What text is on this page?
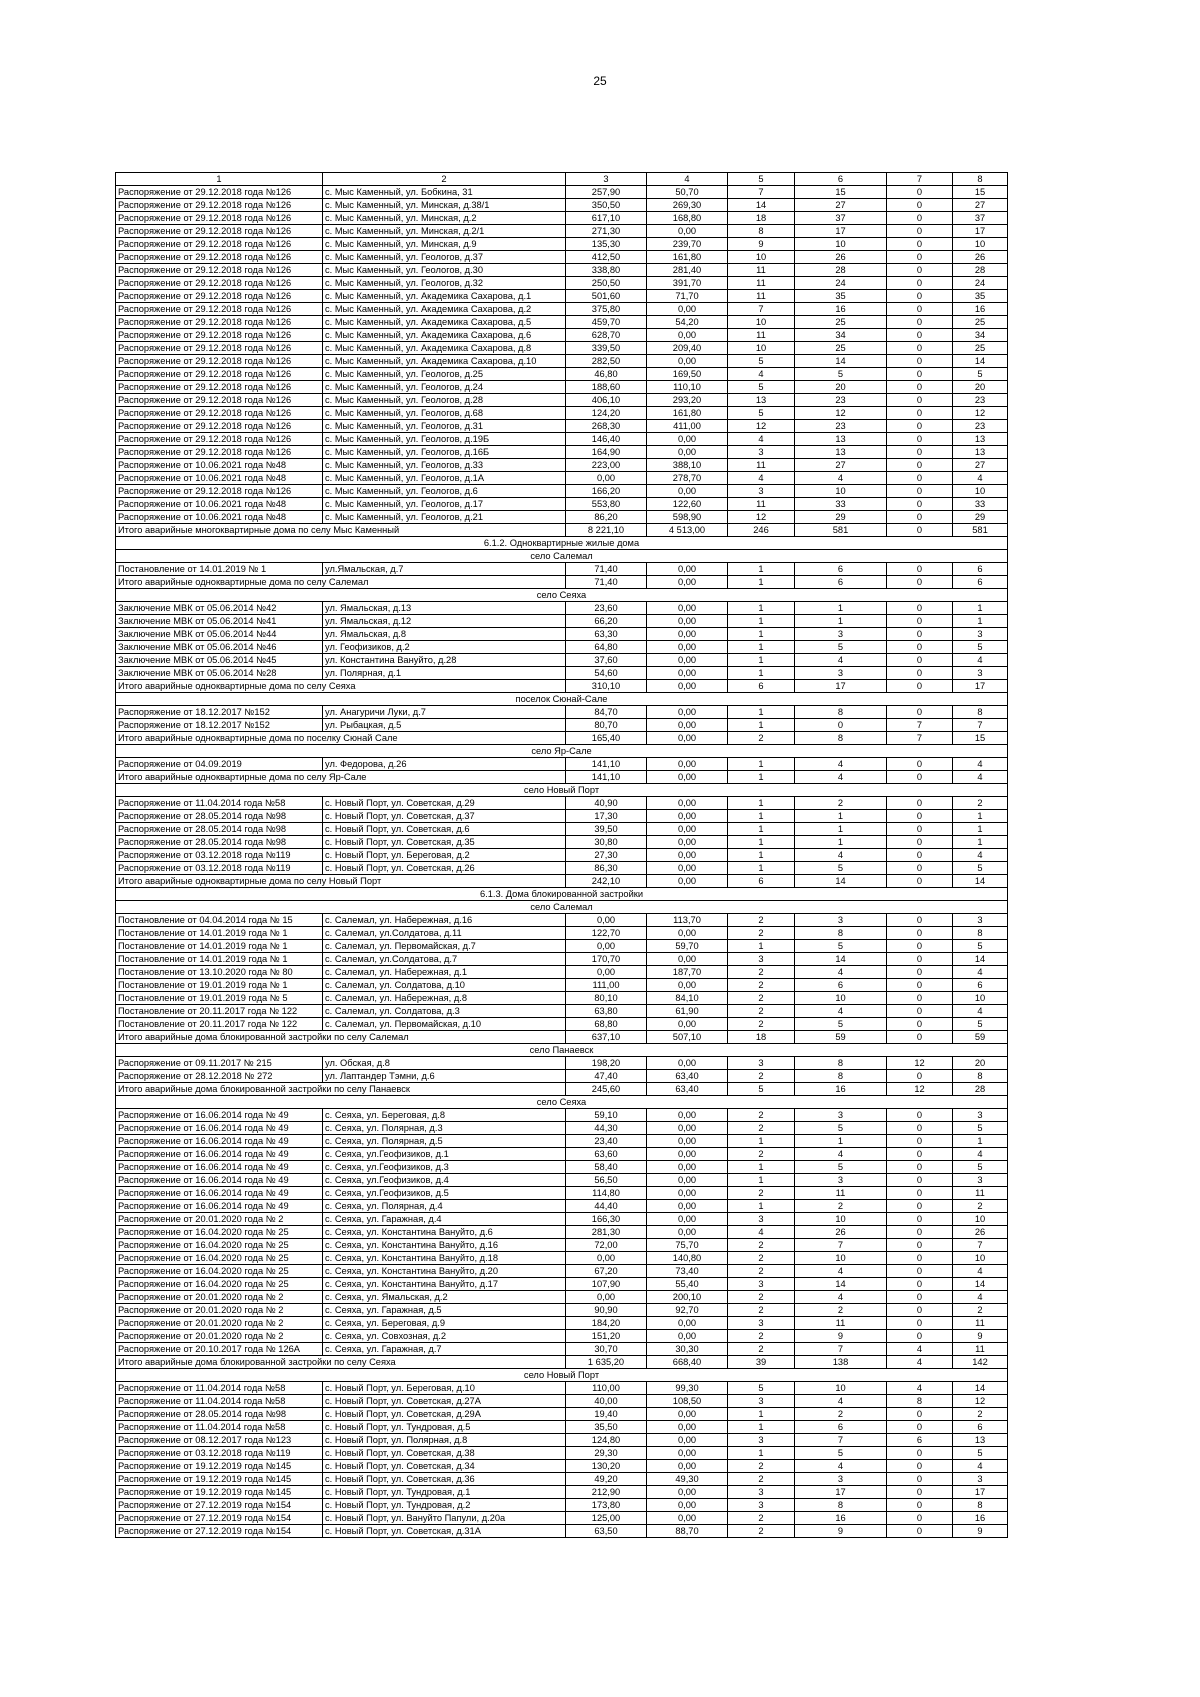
25
1	2	3	4	5	6	7	8
Распоряжение от 29.12.2018 года №126	с. Мыс Каменный, ул. Бобкина, 31	257,90	50,70	7	15	0	15
Распоряжение от 29.12.2018 года №126	с. Мыс Каменный, ул. Минская, д.38/1	350,50	269,30	14	27	0	27
Распоряжение от 29.12.2018 года №126	с. Мыс Каменный, ул. Минская, д.2	617,10	168,80	18	37	0	37
Распоряжение от 29.12.2018 года №126	с. Мыс Каменный, ул. Минская, д.2/1	271,30	0,00	8	17	0	17
Распоряжение от 29.12.2018 года №126	с. Мыс Каменный, ул. Минская, д.9	135,30	239,70	9	10	0	10
Распоряжение от 29.12.2018 года №126	с. Мыс Каменный, ул. Геологов, д.37	412,50	161,80	10	26	0	26
Распоряжение от 29.12.2018 года №126	с. Мыс Каменный, ул. Геологов, д.30	338,80	281,40	11	28	0	28
Распоряжение от 29.12.2018 года №126	с. Мыс Каменный, ул. Геологов, д.32	250,50	391,70	11	24	0	24
Распоряжение от 29.12.2018 года №126	с. Мыс Каменный, ул. Академика Сахарова, д.1	501,60	71,70	11	35	0	35
Распоряжение от 29.12.2018 года №126	с. Мыс Каменный, ул. Академика Сахарова, д.2	375,80	0,00	7	16	0	16
Распоряжение от 29.12.2018 года №126	с. Мыс Каменный, ул. Академика Сахарова, д.5	459,70	54,20	10	25	0	25
Распоряжение от 29.12.2018 года №126	с. Мыс Каменный, ул. Академика Сахарова, д.6	628,70	0,00	11	34	0	34
Распоряжение от 29.12.2018 года №126	с. Мыс Каменный, ул. Академика Сахарова, д.8	339,50	209,40	10	25	0	25
Распоряжение от 29.12.2018 года №126	с. Мыс Каменный, ул. Академика Сахарова, д.10	282,50	0,00	5	14	0	14
Распоряжение от 29.12.2018 года №126	с. Мыс Каменный, ул. Геологов, д.25	46,80	169,50	4	5	0	5
Распоряжение от 29.12.2018 года №126	с. Мыс Каменный, ул. Геологов, д.24	188,60	110,10	5	20	0	20
Распоряжение от 29.12.2018 года №126	с. Мыс Каменный, ул. Геологов, д.28	406,10	293,20	13	23	0	23
Распоряжение от 29.12.2018 года №126	с. Мыс Каменный, ул. Геологов, д.68	124,20	161,80	5	12	0	12
Распоряжение от 29.12.2018 года №126	с. Мыс Каменный, ул. Геологов, д.31	268,30	411,00	12	23	0	23
Распоряжение от 29.12.2018 года №126	с. Мыс Каменный, ул. Геологов, д.19Б	146,40	0,00	4	13	0	13
Распоряжение от 29.12.2018 года №126	с. Мыс Каменный, ул. Геологов, д.16Б	164,90	0,00	3	13	0	13
Распоряжение от 10.06.2021 года №48	с. Мыс Каменный, ул. Геологов, д.33	223,00	388,10	11	27	0	27
Распоряжение от 10.06.2021 года №48	с. Мыс Каменный, ул. Геологов, д.1А	0,00	278,70	4	4	0	4
Распоряжение от 29.12.2018 года №126	с. Мыс Каменный, ул. Геологов, д.6	166,20	0,00	3	10	0	10
Распоряжение от 10.06.2021 года №48	с. Мыс Каменный, ул. Геологов, д.17	553,80	122,60	11	33	0	33
Распоряжение от 10.06.2021 года №48	с. Мыс Каменный, ул. Геологов, д.21	86,20	598,90	12	29	0	29
Итого аварийные многоквартирные дома по селу Мыс Каменный		8 221,10	4 513,00	246	581	0	581
6.1.2. Одноквартирные жилые дома							
село Салемал							
Постановление от 14.01.2019 № 1	ул.Ямальская, д.7	71,40	0,00	1	6	0	6
Итого аварийные одноквартирные дома по селу Салемал		71,40	0,00	1	6	0	6
село Сеяха							
Заключение МВК от 05.06.2014 №42	ул. Ямальская, д.13	23,60	0,00	1	1	0	1
Заключение МВК от 05.06.2014 №41	ул. Ямальская, д.12	66,20	0,00	1	1	0	1
Заключение МВК от 05.06.2014 №44	ул. Ямальская, д.8	63,30	0,00	1	3	0	3
Заключение МВК от 05.06.2014 №46	ул. Геофизиков, д.2	64,80	0,00	1	5	0	5
Заключение МВК от 05.06.2014 №45	ул. Константина Вануйто, д.28	37,60	0,00	1	4	0	4
Заключение МВК от 05.06.2014 №28	ул. Полярная, д.1	54,60	0,00	1	3	0	3
Итого аварийные одноквартирные дома по селу Сеяха		310,10	0,00	6	17	0	17
поселок Сюнай-Сале							
Распоряжение от 18.12.2017 №152	ул. Анагуричи Луки, д.7	84,70	0,00	1	8	0	8
Распоряжение от 18.12.2017 №152	ул. Рыбацкая, д.5	80,70	0,00	1	0	7	7
Итого аварийные одноквартирные дома по поселку Сюнай Сале		165,40	0,00	2	8	7	15
село Яр-Сале							
Распоряжение от 04.09.2019	ул. Федорова, д.26	141,10	0,00	1	4	0	4
Итого аварийные одноквартирные дома по селу Яр-Сале		141,10	0,00	1	4	0	4
село Новый Порт							
Распоряжение от 11.04.2014 года №58	с. Новый Порт, ул. Советская, д.29	40,90	0,00	1	2	0	2
Распоряжение от 28.05.2014 года №98	с. Новый Порт, ул. Советская, д.37	17,30	0,00	1	1	0	1
Распоряжение от 28.05.2014 года №98	с. Новый Порт, ул. Советская, д.6	39,50	0,00	1	1	0	1
Распоряжение от 28.05.2014 года №98	с. Новый Порт, ул. Советская, д.35	30,80	0,00	1	1	0	1
Распоряжение от 03.12.2018 года №119	с. Новый Порт, ул. Береговая, д.2	27,30	0,00	1	4	0	4
Распоряжение от 03.12.2018 года №119	с. Новый Порт, ул. Советская, д.26	86,30	0,00	1	5	0	5
Итого аварийные одноквартирные дома по селу Новый Порт		242,10	0,00	6	14	0	14
6.1.3. Дома блокированной застройки							
село Салемал							
Постановление от 04.04.2014 года № 15	с. Салемал, ул. Набережная, д.16	0,00	113,70	2	3	0	3
Постановление от 14.01.2019 года № 1	с. Салемал, ул.Солдатова, д.11	122,70	0,00	2	8	0	8
Постановление от 14.01.2019 года № 1	с. Салемал, ул. Первомайская, д.7	0,00	59,70	1	5	0	5
Постановление от 14.01.2019 года № 1	с. Салемал, ул.Солдатова, д.7	170,70	0,00	3	14	0	14
Постановление от 13.10.2020 года № 80	с. Салемал, ул. Набережная, д.1	0,00	187,70	2	4	0	4
Постановление от 19.01.2019 года № 1	с. Салемал, ул. Солдатова, д.10	111,00	0,00	2	6	0	6
Постановление от 19.01.2019 года № 5	с. Салемал, ул. Набережная, д.8	80,10	84,10	2	10	0	10
Постановление от 20.11.2017 года № 122	с. Салемал, ул. Солдатова, д.3	63,80	61,90	2	4	0	4
Постановление от 20.11.2017 года № 122	с. Салемал, ул. Первомайская, д.10	68,80	0,00	2	5	0	5
Итого аварийные дома блокированной застройки по селу Салемал		637,10	507,10	18	59	0	59
село Панаевск							
Распоряжение от 09.11.2017 № 215	ул. Обская, д.8	198,20	0,00	3	8	12	20
Распоряжение от 28.12.2018 № 272	ул. Лаптандер Тэмни, д.6	47,40	63,40	2	8	0	8
Итого аварийные дома блокированной застройки по селу Панаевск		245,60	63,40	5	16	12	28
село Сеяха							
Распоряжение от 16.06.2014 года № 49	с. Сеяха, ул. Береговая, д.8	59,10	0,00	2	3	0	3
Распоряжение от 16.06.2014 года № 49	с. Сеяха, ул. Полярная, д.3	44,30	0,00	2	5	0	5
Распоряжение от 16.06.2014 года № 49	с. Сеяха, ул. Полярная, д.5	23,40	0,00	1	1	0	1
Распоряжение от 16.06.2014 года № 49	с. Сеяха, ул.Геофизиков, д.1	63,60	0,00	2	4	0	4
Распоряжение от 16.06.2014 года № 49	с. Сеяха, ул.Геофизиков, д.3	58,40	0,00	1	5	0	5
Распоряжение от 16.06.2014 года № 49	с. Сеяха, ул.Геофизиков, д.4	56,50	0,00	1	3	0	3
Распоряжение от 16.06.2014 года № 49	с. Сеяха, ул.Геофизиков, д.5	114,80	0,00	2	11	0	11
Распоряжение от 16.06.2014 года № 49	с. Сеяха, ул. Полярная, д.4	44,40	0,00	1	2	0	2
Распоряжение от 20.01.2020 года № 2	с. Сеяха, ул. Гаражная, д.4	166,30	0,00	3	10	0	10
Распоряжение от 16.04.2020 года № 25	с. Сеяха, ул. Константина Вануйто, д.6	281,30	0,00	4	26	0	26
Распоряжение от 16.04.2020 года № 25	с. Сеяха, ул. Константина Вануйто, д.16	72,00	75,70	2	7	0	7
Распоряжение от 16.04.2020 года № 25	с. Сеяха, ул. Константина Вануйто, д.18	0,00	140,80	2	10	0	10
Распоряжение от 16.04.2020 года № 25	с. Сеяха, ул. Константина Вануйто, д.20	67,20	73,40	2	4	0	4
Распоряжение от 16.04.2020 года № 25	с. Сеяха, ул. Константина Вануйто, д.17	107,90	55,40	3	14	0	14
Распоряжение от 20.01.2020 года № 2	с. Сеяха, ул. Ямальская, д.2	0,00	200,10	2	4	0	4
Распоряжение от 20.01.2020 года № 2	с. Сеяха, ул. Гаражная, д.5	90,90	92,70	2	2	0	2
Распоряжение от 20.01.2020 года № 2	с. Сеяха, ул. Береговая, д.9	184,20	0,00	3	11	0	11
Распоряжение от 20.01.2020 года № 2	с. Сеяха, ул. Совхозная, д.2	151,20	0,00	2	9	0	9
Распоряжение от 20.10.2017 года № 126А	с. Сеяха, ул. Гаражная, д.7	30,70	30,30	2	7	4	11
Итого аварийные дома блокированной застройки по селу Сеяха		1 635,20	668,40	39	138	4	142
село Новый Порт							
Распоряжение от 11.04.2014 года №58	с. Новый Порт, ул. Береговая, д.10	110,00	99,30	5	10	4	14
Распоряжение от 11.04.2014 года №58	с. Новый Порт, ул. Советская, д.27А	40,00	108,50	3	4	8	12
Распоряжение от 28.05.2014 года №98	с. Новый Порт, ул. Советская, д.29А	19,40	0,00	1	2	0	2
Распоряжение от 11.04.2014 года №58	с. Новый Порт, ул. Тундровая, д.5	35,50	0,00	1	6	0	6
Распоряжение от 08.12.2017 года №123	с. Новый Порт, ул. Полярная, д.8	124,80	0,00	3	7	6	13
Распоряжение от 03.12.2018 года №119	с. Новый Порт, ул. Советская, д.38	29,30	0,00	1	5	0	5
Распоряжение от 19.12.2019 года №145	с. Новый Порт, ул. Советская, д.34	130,20	0,00	2	4	0	4
Распоряжение от 19.12.2019 года №145	с. Новый Порт, ул. Советская, д.36	49,20	49,30	2	3	0	3
Распоряжение от 19.12.2019 года №145	с. Новый Порт, ул. Тундровая, д.1	212,90	0,00	3	17	0	17
Распоряжение от 27.12.2019 года №154	с. Новый Порт, ул. Тундровая, д.2	173,80	0,00	3	8	0	8
Распоряжение от 27.12.2019 года №154	с. Новый Порт, ул. Вануйто Папули, д.20а	125,00	0,00	2	16	0	16
Распоряжение от 27.12.2019 года №154	с. Новый Порт, ул. Советская, д.31А	63,50	88,70	2	9	0	9
